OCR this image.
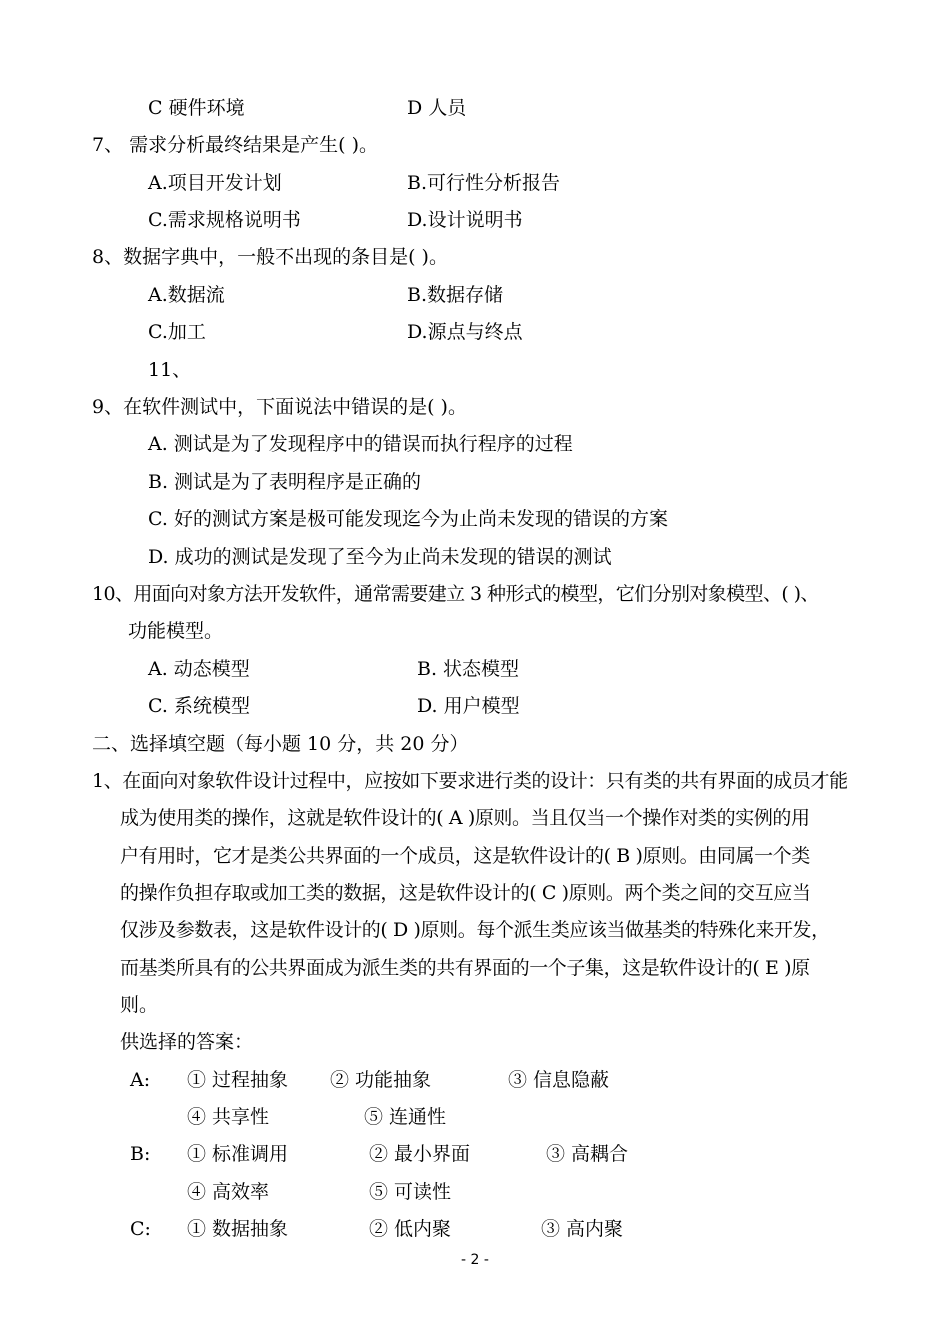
C 硬件环境	D 人员
7、 需求分析最终结果是产生( )。
A.项目开发计划	B.可行性分析报告
C.需求规格说明书	D.设计说明书
8、数据字典中，一般不出现的条目是( )。
A.数据流	B.数据存储
C.加工	D.源点与终点
11、
9、在软件测试中，下面说法中错误的是( )。
A. 测试是为了发现程序中的错误而执行程序的过程
B. 测试是为了表明程序是正确的
C. 好的测试方案是极可能发现迄今为止尚未发现的错误的方案
D. 成功的测试是发现了至今为止尚未发现的错误的测试
10、用面向对象方法开发软件，通常需要建立 3 种形式的模型，它们分别对象模型、( )、
功能模型。
A. 动态模型	B. 状态模型
C. 系统模型	D. 用户模型
二、选择填空题（每小题 10 分，共 20 分）
1、在面向对象软件设计过程中，应按如下要求进行类的设计：只有类的共有界面的成员才能
成为使用类的操作，这就是软件设计的( A )原则。当且仅当一个操作对类的实例的用
户有用时，它才是类公共界面的一个成员，这是软件设计的( B )原则。由同属一个类
的操作负担存取或加工类的数据，这是软件设计的( C )原则。两个类之间的交互应当
仅涉及参数表，这是软件设计的( D )原则。每个派生类应该当做基类的特殊化来开发，
而基类所具有的公共界面成为派生类的共有界面的一个子集，这是软件设计的( E )原
则。
供选择的答案：
A: ① 过程抽象 ② 功能抽象	③ 信息隐蔽
④ 共享性	⑤ 连通性
B: ① 标准调用	② 最小界面	③ 高耦合
④ 高效率	⑤ 可读性
C: ① 数据抽象	② 低内聚	③ 高内聚
- 2 -
